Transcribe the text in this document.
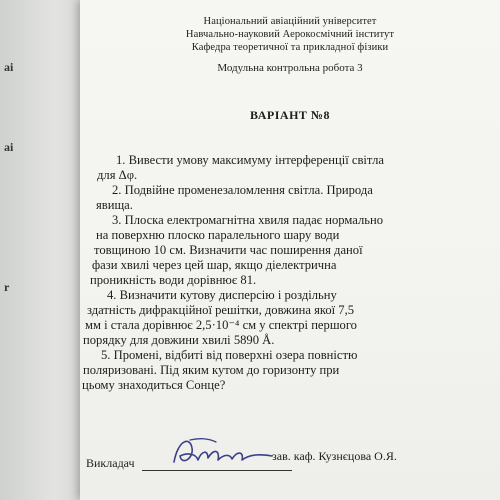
ai
ai
r
Національний авіаційний університет
Навчально-науковий Аерокосмічний інститут
Кафедра теоретичної та прикладної фізики
Модульна контрольна робота 3
ВАРІАНТ №8
1. Вивести умову максимуму інтерференції світла
для Δφ.
2. Подвійне променезаломлення світла. Природа
явища.
3. Плоска електромагнітна хвиля падає нормально
на поверхню плоско паралельного шару води
товщиною 10 см. Визначити час поширення даної
фази хвилі через цей шар, якщо діелектрична
проникність води дорівнює 81.
4. Визначити кутову дисперсію і роздільну
здатність дифракційної решітки, довжина якої 7,5
мм і стала дорівнює 2,5·10⁻⁴ см у спектрі першого
порядку для довжини хвилі 5890 Å.
5. Промені, відбиті від поверхні озера повністю
поляризовані. Під яким кутом до горизонту при
цьому знаходиться Сонце?
Викладач	зав. каф. Кузнєцова О.Я.
